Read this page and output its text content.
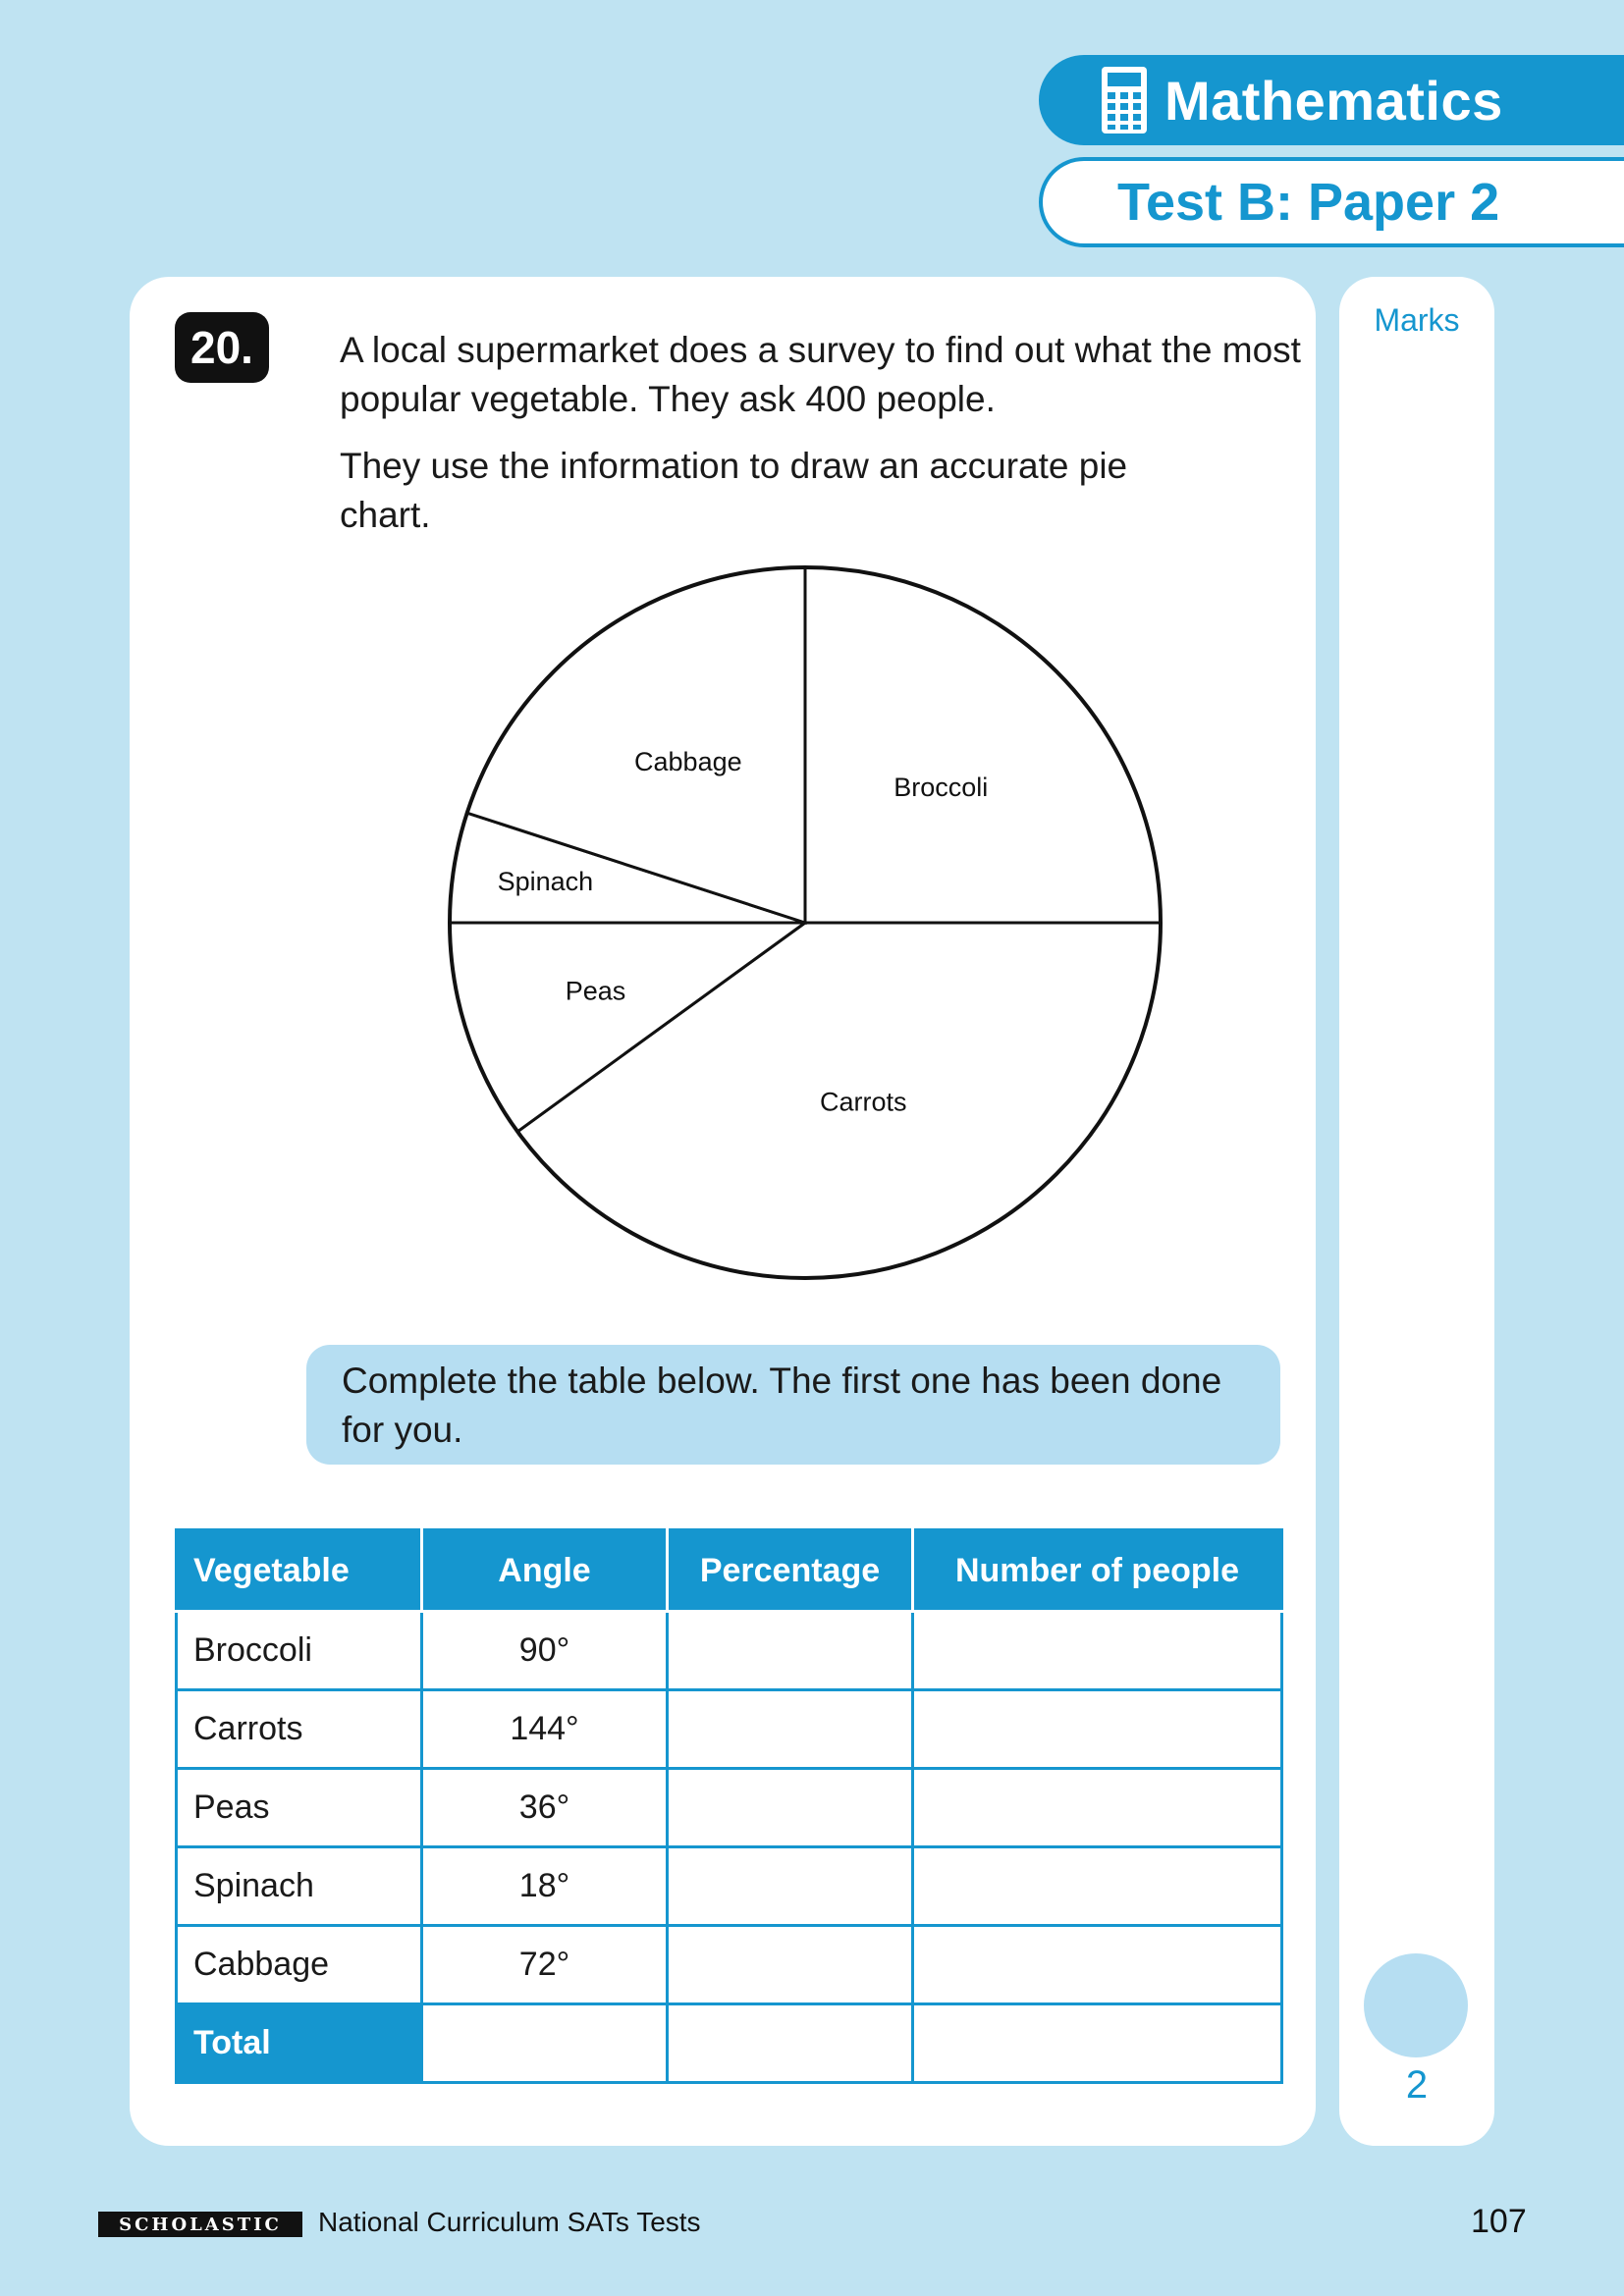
Mathematics
Test B: Paper 2
Marks
2
20.	A local supermarket does a survey to find out what the most popular vegetable. They ask 400 people.

They use the information to draw an accurate pie chart.

Broccoli
Carrots
Peas
Spinach
Cabbage
Complete the table below. The first one has been done for you.
Vegetable	Angle	Percentage	Number of people
Broccoli	90°		
Carrots	144°		
Peas	36°		
Spinach	18°		
Cabbage	72°		
Total			
SCHOLASTIC National Curriculum SATs Tests	107
